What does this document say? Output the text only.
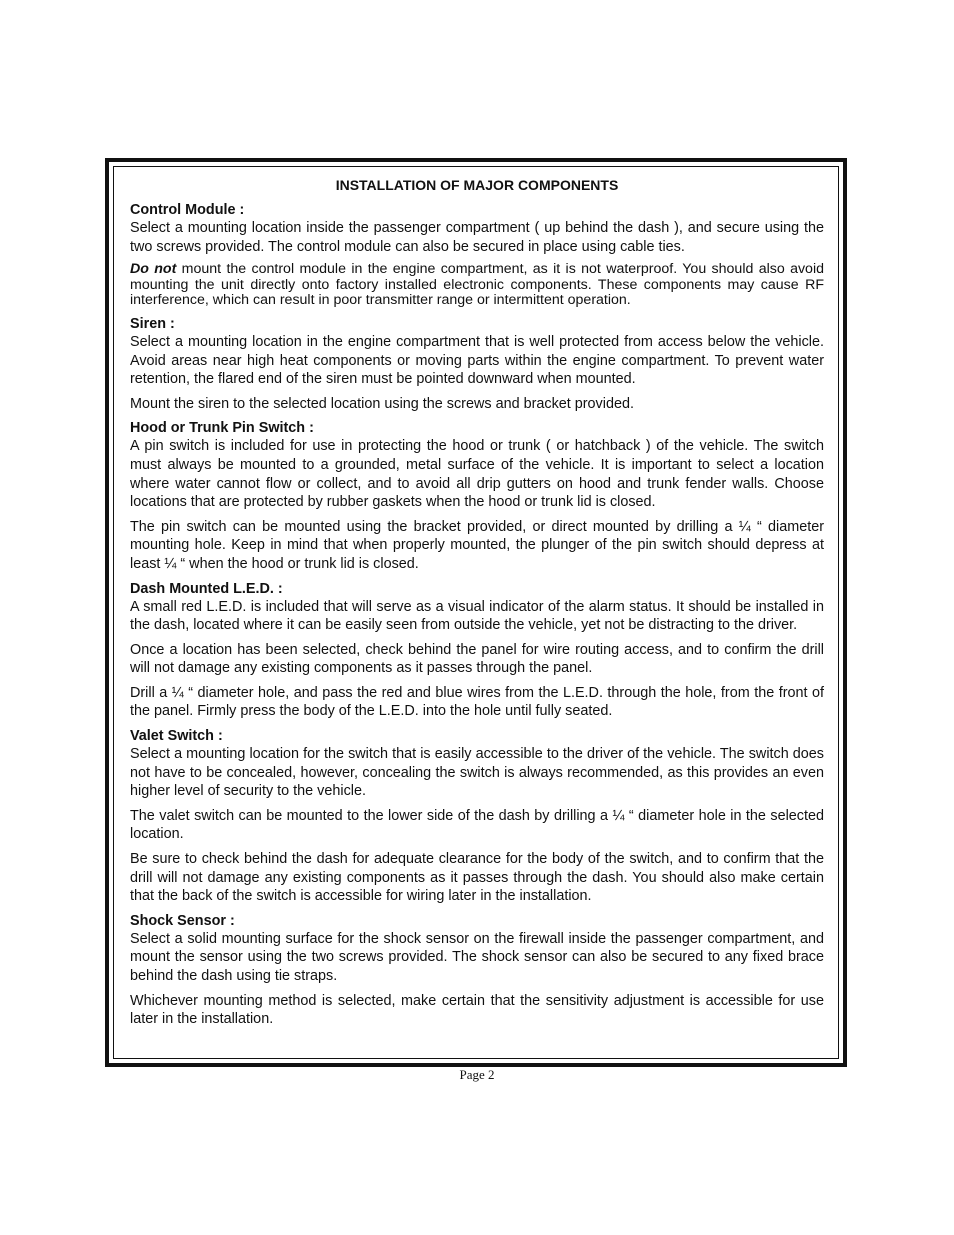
INSTALLATION OF MAJOR COMPONENTS
Control Module :

Select a mounting location inside the passenger compartment ( up behind the dash ), and secure using the two screws provided. The control module can also be secured in place using cable ties.

Do not mount the control module in the engine compartment, as it is not waterproof. You should also avoid mounting the unit directly onto factory installed electronic components. These components may cause RF interference, which can result in poor transmitter range or intermittent operation.

Siren :

Select a mounting location in the engine compartment that is well protected from access below the vehicle. Avoid areas near high heat components or moving parts within the engine compartment. To prevent water retention, the flared end of the siren must be pointed downward when mounted.

Mount the siren to the selected location using the screws and bracket provided.

Hood or Trunk Pin Switch :

A pin switch is included for use in protecting the hood or trunk ( or hatchback ) of the vehicle. The switch must always be mounted to a grounded, metal surface of the vehicle. It is important to select a location where water cannot flow or collect, and to avoid all drip gutters on hood and trunk fender walls. Choose locations that are protected by rubber gaskets when the hood or trunk lid is closed.

The pin switch can be mounted using the bracket provided, or direct mounted by drilling a ¼ “ diameter mounting hole. Keep in mind that when properly mounted, the plunger of the pin switch should depress at least ¼ “ when the hood or trunk lid is closed.

Dash Mounted L.E.D. :

A small red L.E.D. is included that will serve as a visual indicator of the alarm status. It should be installed in the dash, located where it can be easily seen from outside the vehicle, yet not be distracting to the driver.

Once a location has been selected, check behind the panel for wire routing access, and to confirm the drill will not damage any existing components as it passes through the panel.

Drill a ¼ “ diameter hole, and pass the red and blue wires from the L.E.D. through the hole, from the front of the panel. Firmly press the body of the L.E.D. into the hole until fully seated.

Valet Switch :

Select a mounting location for the switch that is easily accessible to the driver of the vehicle. The switch does not have to be concealed, however, concealing the switch is always recommended, as this provides an even higher level of security to the vehicle.

The valet switch can be mounted to the lower side of the dash by drilling a ¼ “ diameter hole in the selected location.

Be sure to check behind the dash for adequate clearance for the body of the switch, and to confirm that the drill will not damage any existing components as it passes through the dash. You should also make certain that the back of the switch is accessible for wiring later in the installation.

Shock Sensor :

Select a solid mounting surface for the shock sensor on the firewall inside the passenger compartment, and mount the sensor using the two screws provided. The shock sensor can also be secured to any fixed brace behind the dash using tie straps.

Whichever mounting method is selected, make certain that the sensitivity adjustment is accessible for use later in the installation.

Page 2
